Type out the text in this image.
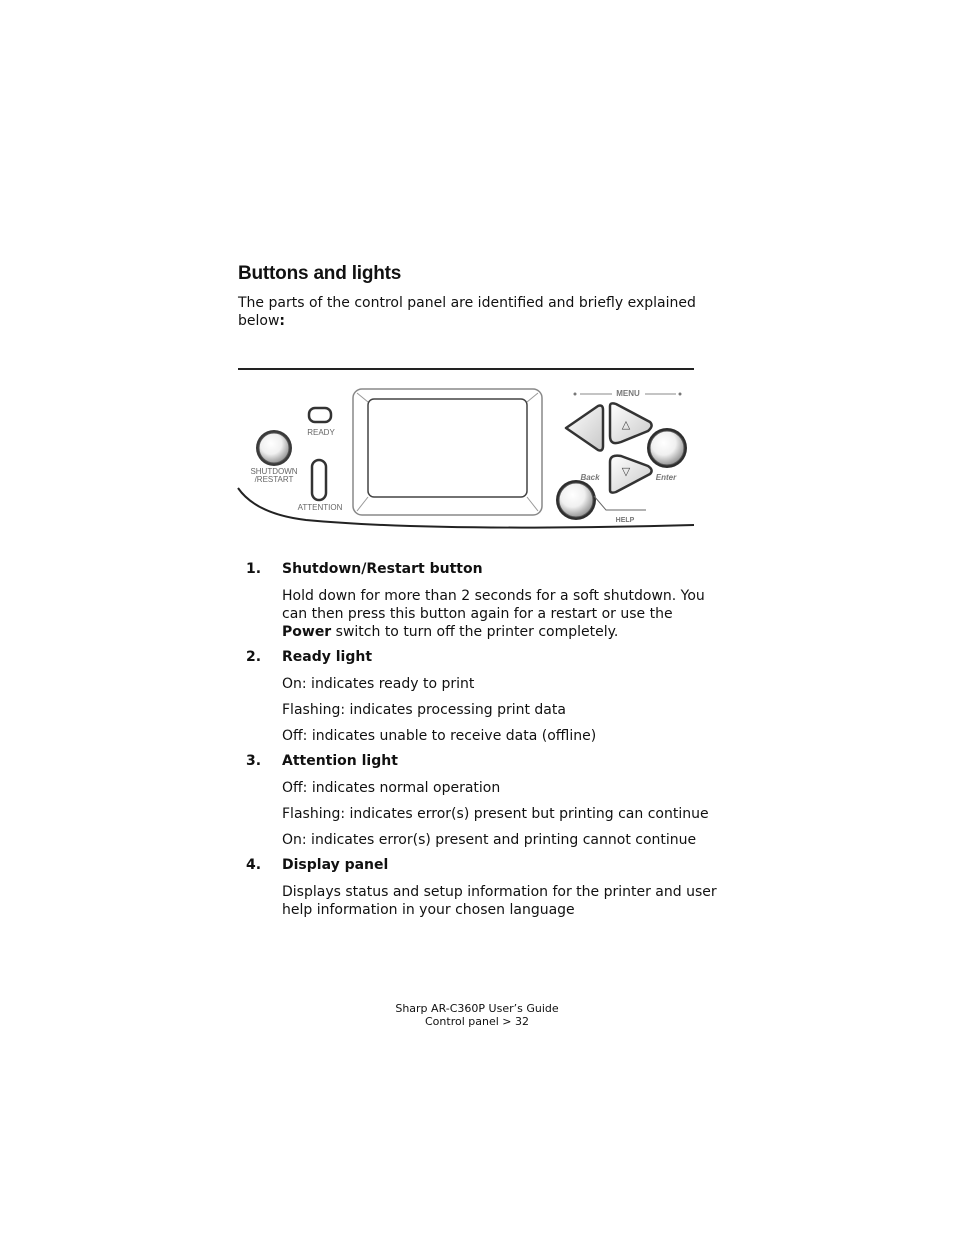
Buttons and lights

The parts of the control panel are identified and briefly explained below:

SHUTDOWN
/RESTART
READY
ATTENTION
MENU
Back
△
▽	Enter
HELP
1. Shutdown/Restart button

Hold down for more than 2 seconds for a soft shutdown. You can then press this button again for a restart or use the Power switch to turn off the printer completely.

2. Ready light

On: indicates ready to print

Flashing: indicates processing print data

Off: indicates unable to receive data (offline)

3. Attention light

Off: indicates normal operation

Flashing: indicates error(s) present but printing can continue

On: indicates error(s) present and printing cannot continue

4. Display panel

Displays status and setup information for the printer and user help information in your chosen language

Sharp AR-C360P User’s Guide
Control panel > 32
